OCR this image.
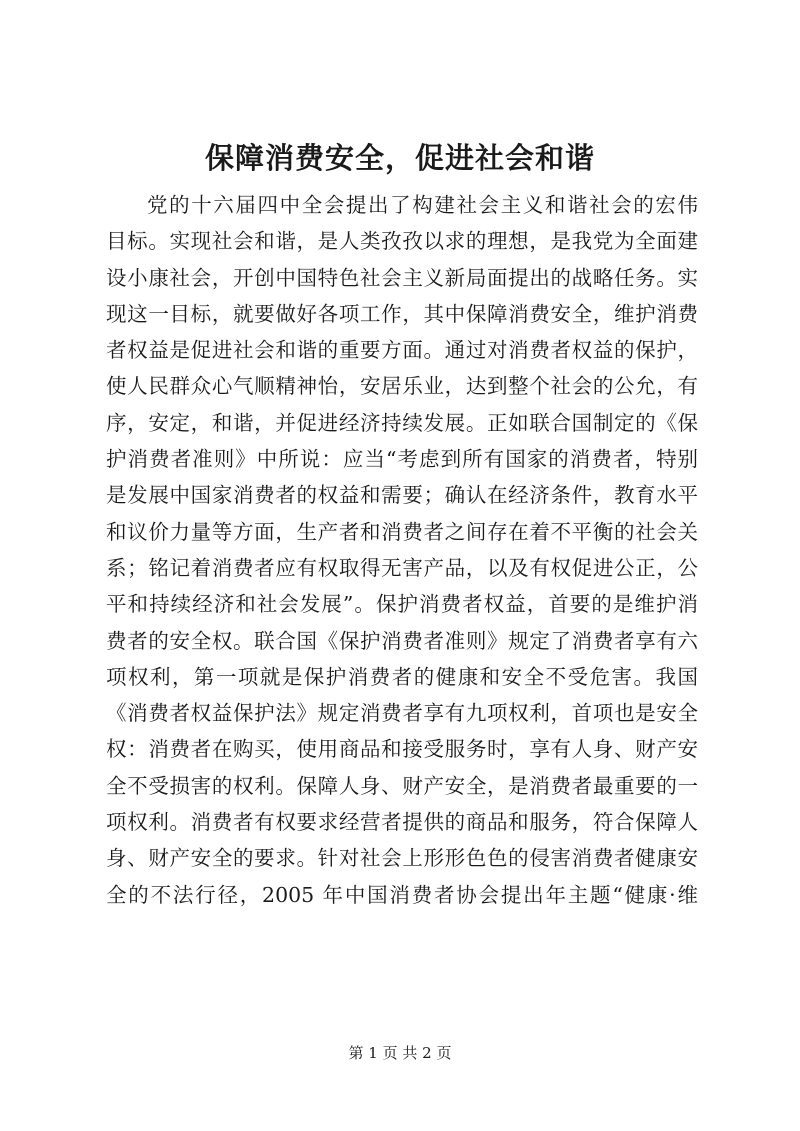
保障消费安全，促进社会和谐
党的十六届四中全会提出了构建社会主义和谐社会的宏伟
目标。实现社会和谐，是人类孜孜以求的理想，是我党为全面建
设小康社会，开创中国特色社会主义新局面提出的战略任务。实
现这一目标，就要做好各项工作，其中保障消费安全，维护消费
者权益是促进社会和谐的重要方面。通过对消费者权益的保护，
使人民群众心气顺精神怡，安居乐业，达到整个社会的公允，有
序，安定，和谐，并促进经济持续发展。正如联合国制定的《保
护消费者准则》中所说：应当“考虑到所有国家的消费者，特别
是发展中国家消费者的权益和需要；确认在经济条件，教育水平
和议价力量等方面，生产者和消费者之间存在着不平衡的社会关
系；铭记着消费者应有权取得无害产品，以及有权促进公正，公
平和持续经济和社会发展”。保护消费者权益，首要的是维护消
费者的安全权。联合国《保护消费者准则》规定了消费者享有六
项权利，第一项就是保护消费者的健康和安全不受危害。我国
《消费者权益保护法》规定消费者享有九项权利，首项也是安全
权：消费者在购买，使用商品和接受服务时，享有人身、财产安
全不受损害的权利。保障人身、财产安全，是消费者最重要的一
项权利。消费者有权要求经营者提供的商品和服务，符合保障人
身、财产安全的要求。针对社会上形形色色的侵害消费者健康安
全的不法行径，2005 年中国消费者协会提出年主题“健康·维
第 1 页 共 2 页
